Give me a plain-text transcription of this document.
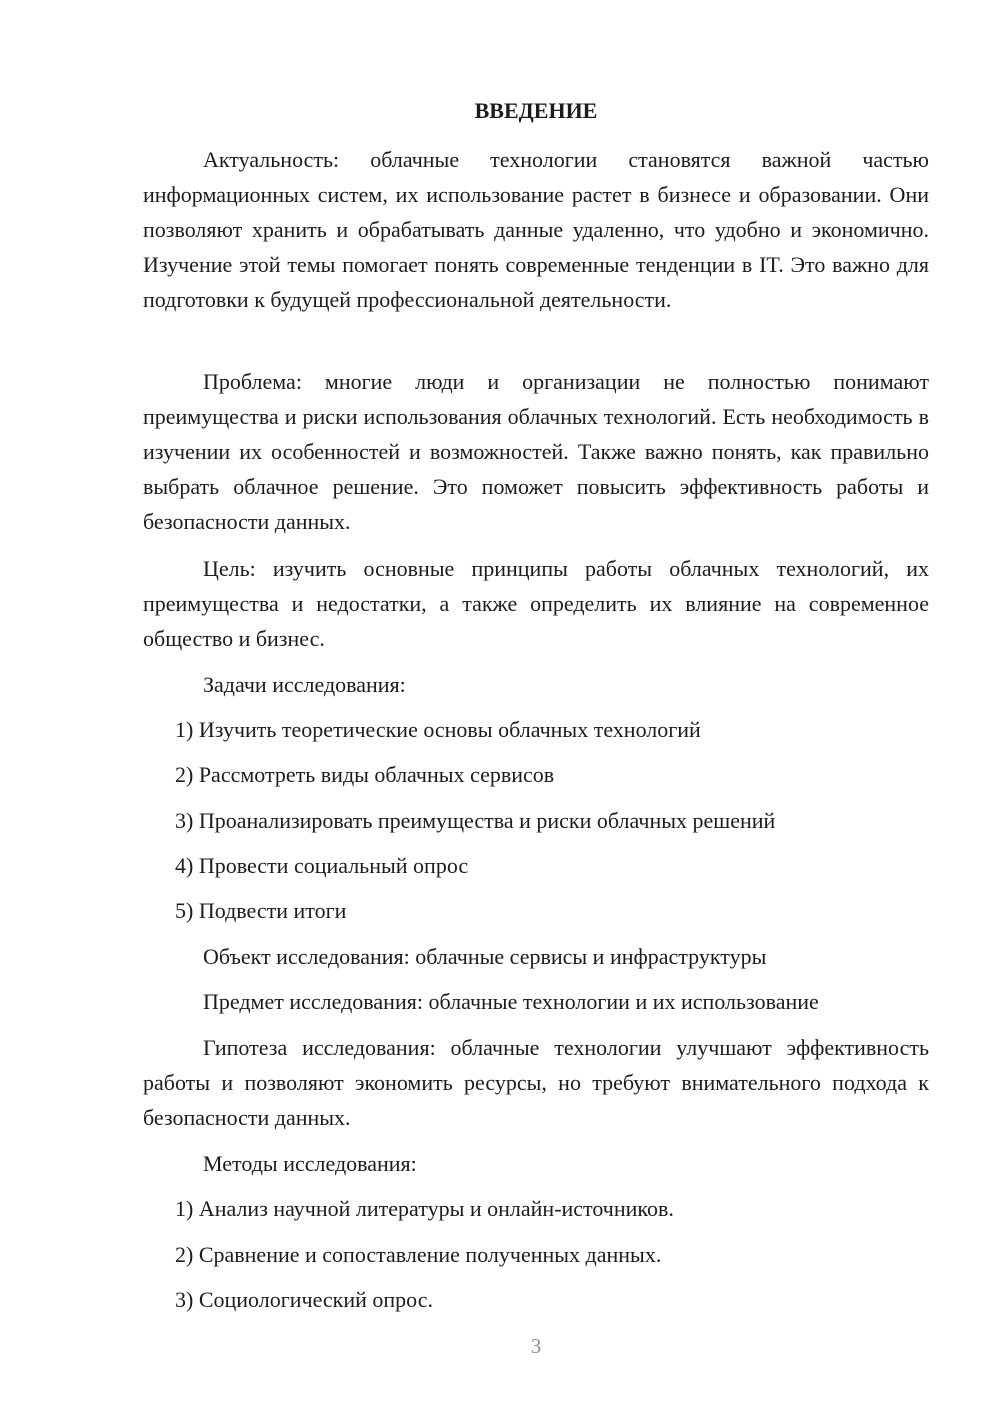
ВВЕДЕНИЕ

Актуальность: облачные технологии становятся важной частью информационных систем, их использование растет в бизнесе и образовании. Они позволяют хранить и обрабатывать данные удаленно, что удобно и экономично. Изучение этой темы помогает понять современные тенденции в IT. Это важно для подготовки к будущей профессиональной деятельности.

Проблема: многие люди и организации не полностью понимают преимущества и риски использования облачных технологий. Есть необходимость в изучении их особенностей и возможностей. Также важно понять, как правильно выбрать облачное решение. Это поможет повысить эффективность работы и безопасности данных.

Цель: изучить основные принципы работы облачных технологий, их преимущества и недостатки, а также определить их влияние на современное общество и бизнес.

Задачи исследования:

1) Изучить теоретические основы облачных технологий

2) Рассмотреть виды облачных сервисов

3) Проанализировать преимущества и риски облачных решений

4) Провести социальный опрос

5) Подвести итоги

Объект исследования: облачные сервисы и инфраструктуры

Предмет исследования: облачные технологии и их использование

Гипотеза исследования: облачные технологии улучшают эффективность работы и позволяют экономить ресурсы, но требуют внимательного подхода к безопасности данных.

Методы исследования:

1) Анализ научной литературы и онлайн-источников.

2) Сравнение и сопоставление полученных данных.

3) Социологический опрос.

3
